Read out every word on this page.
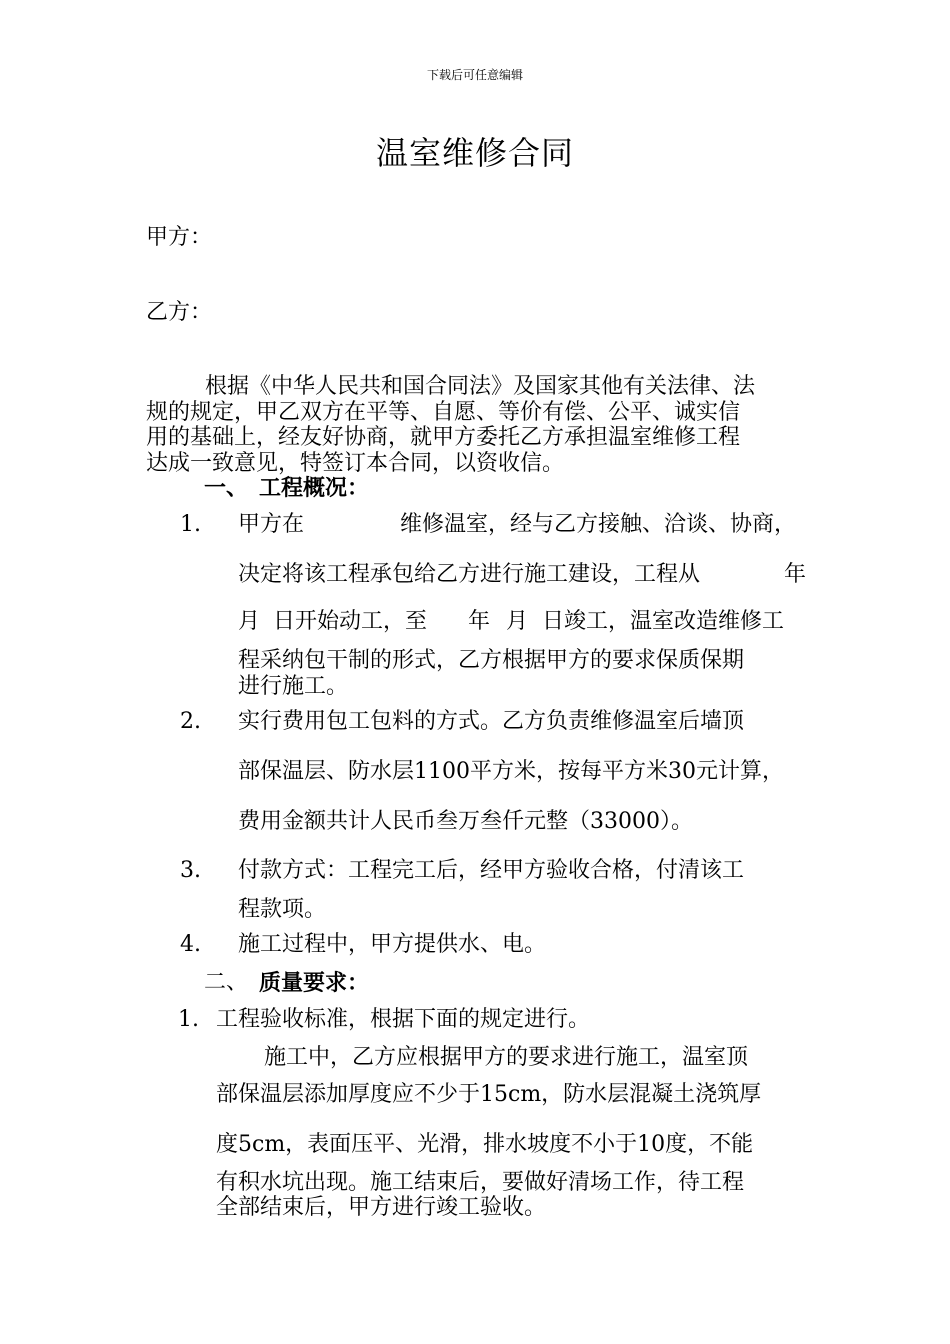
下载后可任意编辑
温室维修合同
甲方：
乙方：
根据《中华人民共和国合同法》及国家其他有关法律、法
规的规定，甲乙双方在平等、自愿、等价有偿、公平、诚实信
用的基础上，经友好协商，就甲方委托乙方承担温室维修工程
达成一致意见，特签订本合同，以资收信。
一、 工程概况：
1. 甲方在	维修温室，经与乙方接触、洽谈、协商，
决定将该工程承包给乙方进行施工建设，工程从	年
月 日开始动工，至 年 月 日竣工，温室改造维修工
程采纳包干制的形式，乙方根据甲方的要求保质保期
进行施工。
2. 实行费用包工包料的方式。乙方负责维修温室后墙顶
部保温层、防水层1100平方米，按每平方米30元计算，
费用金额共计人民币叁万叁仟元整（33000）。
3. 付款方式：工程完工后，经甲方验收合格，付清该工
程款项。
4. 施工过程中，甲方提供水、电。
二、 质量要求：
1. 工程验收标准，根据下面的规定进行。
施工中，乙方应根据甲方的要求进行施工，温室顶
部保温层添加厚度应不少于15cm，防水层混凝土浇筑厚
度5cm，表面压平、光滑，排水坡度不小于10度，不能
有积水坑出现。施工结束后，要做好清场工作，待工程
全部结束后，甲方进行竣工验收。
